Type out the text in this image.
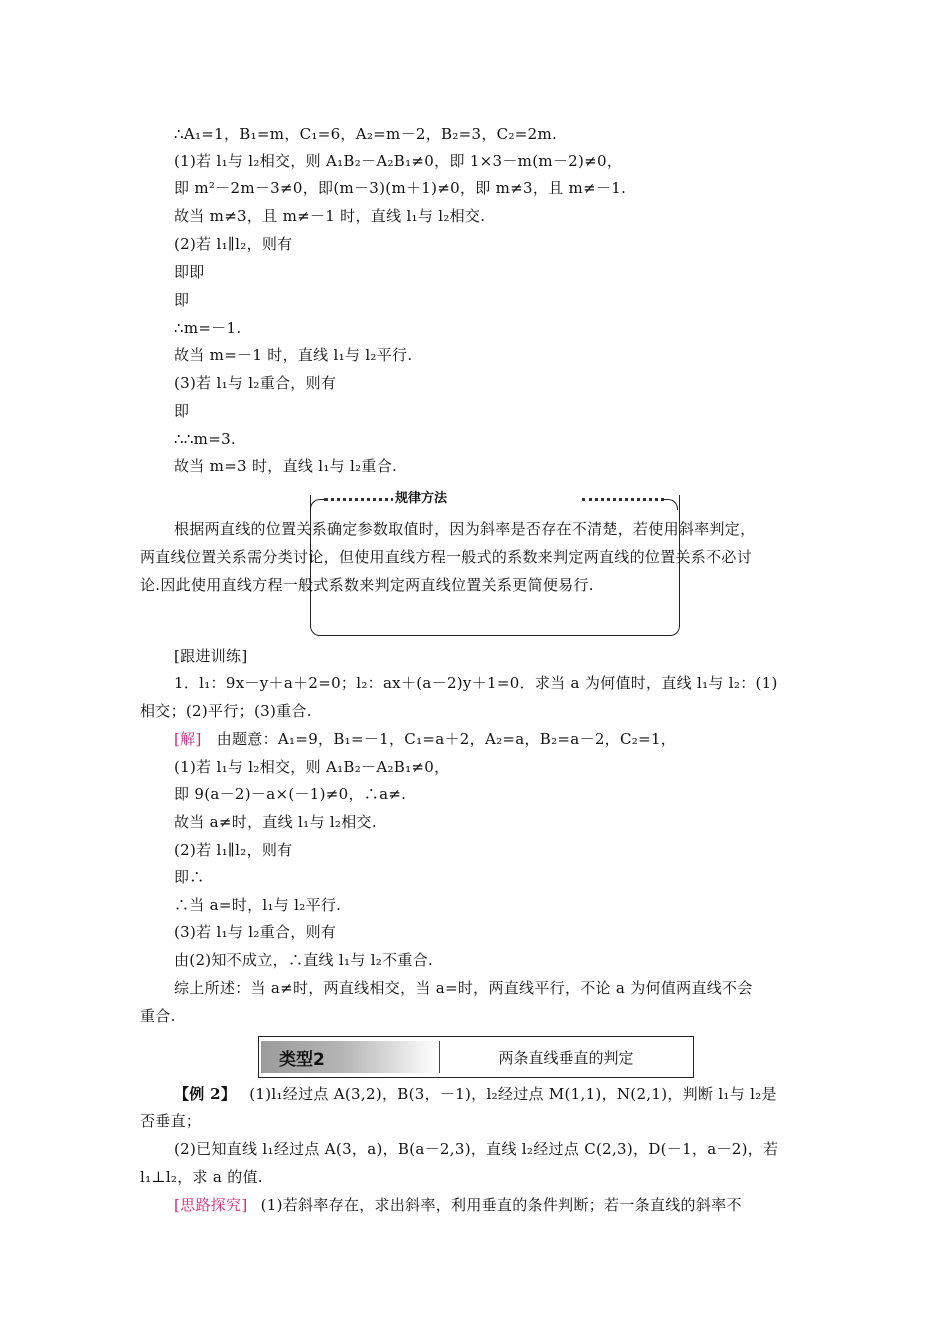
∴A₁=1，B₁=m，C₁=6，A₂=m－2，B₂=3，C₂=2m.
(1)若 l₁与 l₂相交，则 A₁B₂－A₂B₁≠0，即 1×3－m(m－2)≠0，
即 m²－2m－3≠0，即(m－3)(m＋1)≠0，即 m≠3，且 m≠－1.
故当 m≠3，且 m≠－1 时，直线 l₁与 l₂相交.
(2)若 l₁∥l₂，则有
即即
即
∴m=－1.
故当 m=－1 时，直线 l₁与 l₂平行.
(3)若 l₁与 l₂重合，则有
即
∴∴m=3.
故当 m=3 时，直线 l₁与 l₂重合.
规律方法
根据两直线的位置关系确定参数取值时，因为斜率是否存在不清楚，若使用斜率判定，
两直线位置关系需分类讨论，但使用直线方程一般式的系数来判定两直线的位置关系不必讨
论.因此使用直线方程一般式系数来判定两直线位置关系更简便易行.
[跟进训练]
1．l₁：9x－y＋a＋2=0；l₂：ax＋(a－2)y＋1=0．求当 a 为何值时，直线 l₁与 l₂：(1)
相交；(2)平行；(3)重合.
[解] 由题意：A₁=9，B₁=－1，C₁=a＋2，A₂=a，B₂=a－2，C₂=1，
(1)若 l₁与 l₂相交，则 A₁B₂－A₂B₁≠0，
即 9(a－2)－a×(－1)≠0，∴a≠.
故当 a≠时，直线 l₁与 l₂相交.
(2)若 l₁∥l₂，则有
即∴
∴当 a=时，l₁与 l₂平行.
(3)若 l₁与 l₂重合，则有
由(2)知不成立，∴直线 l₁与 l₂不重合.
综上所述：当 a≠时，两直线相交，当 a=时，两直线平行，不论 a 为何值两直线不会
重合.
类型2	两条直线垂直的判定
【例 2】 (1)l₁经过点 A(3,2)，B(3，－1)，l₂经过点 M(1,1)，N(2,1)，判断 l₁与 l₂是
否垂直；
(2)已知直线 l₁经过点 A(3，a)，B(a－2,3)，直线 l₂经过点 C(2,3)，D(－1，a－2)，若
l₁⊥l₂，求 a 的值.
[思路探究] (1)若斜率存在，求出斜率，利用垂直的条件判断；若一条直线的斜率不
